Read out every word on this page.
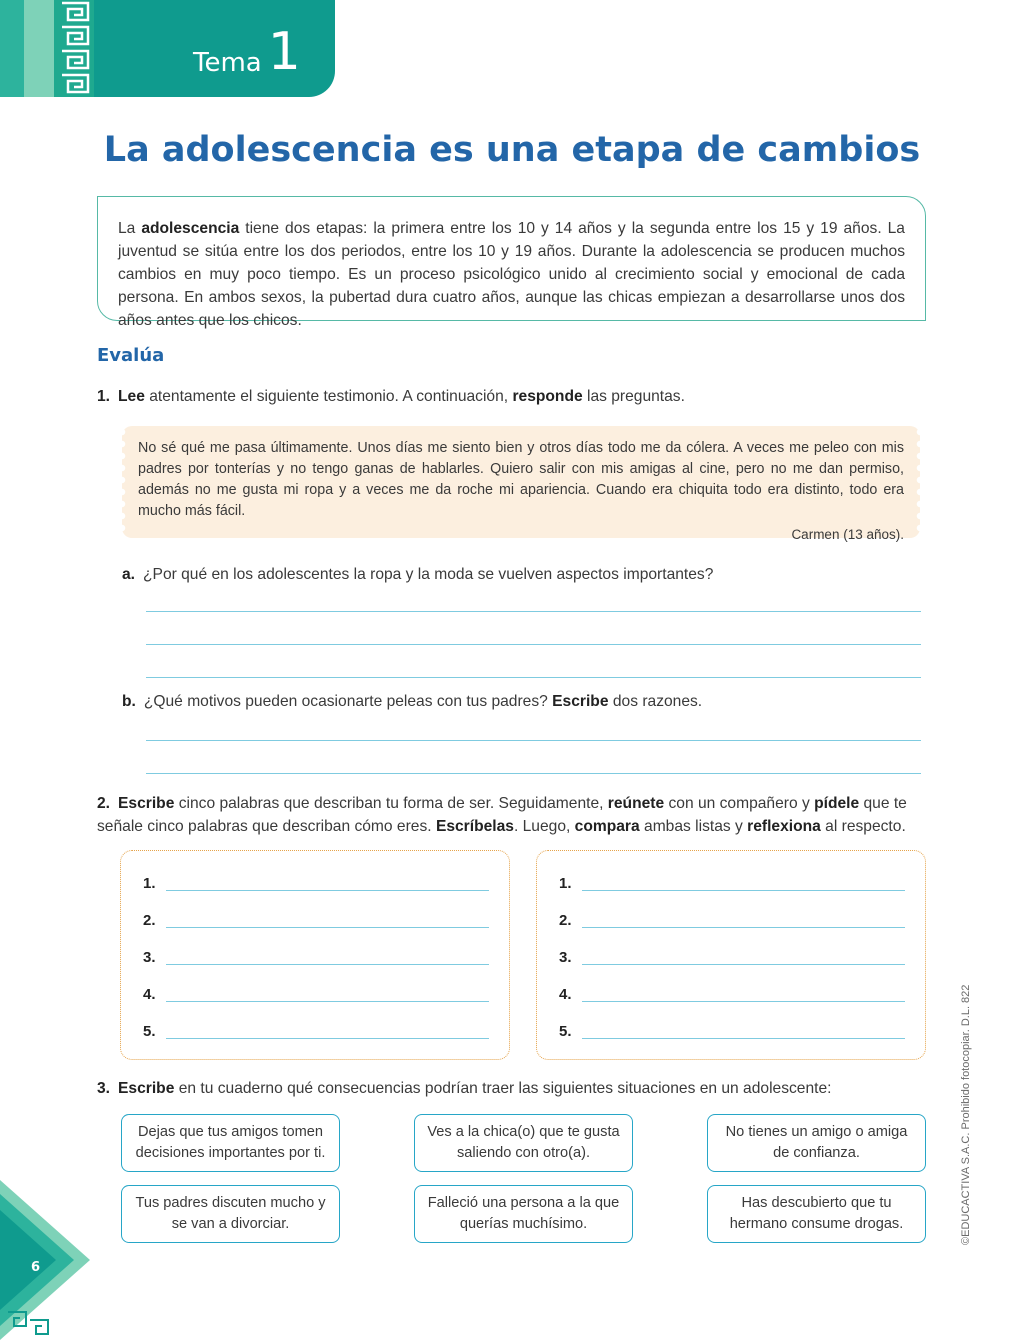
Tema 1
La adolescencia es una etapa de cambios
La adolescencia tiene dos etapas: la primera entre los 10 y 14 años y la segunda entre los 15 y 19 años. La juventud se sitúa entre los dos periodos, entre los 10 y 19 años. Durante la adolescencia se producen muchos cambios en muy poco tiempo. Es un proceso psicológico unido al crecimiento social y emocional de cada persona. En ambos sexos, la pubertad dura cuatro años, aunque las chicas empiezan a desarrollarse unos dos años antes que los chicos.
Evalúa
1. Lee atentamente el siguiente testimonio. A continuación, responde las preguntas.
No sé qué me pasa últimamente. Unos días me siento bien y otros días todo me da cólera. A veces me peleo con mis padres por tonterías y no tengo ganas de hablarles. Quiero salir con mis amigas al cine, pero no me dan permiso, además no me gusta mi ropa y a veces me da roche mi apariencia. Cuando era chiquita todo era distinto, todo era mucho más fácil.
Carmen (13 años).
a. ¿Por qué en los adolescentes la ropa y la moda se vuelven aspectos importantes?
b. ¿Qué motivos pueden ocasionarte peleas con tus padres? Escribe dos razones.
2. Escribe cinco palabras que describan tu forma de ser. Seguidamente, reúnete con un compañero y pídele que te señale cinco palabras que describan cómo eres. Escríbelas. Luego, compara ambas listas y reflexiona al respecto.
1.
2.
3.
4.
5.
1.
2.
3.
4.
5.
3. Escribe en tu cuaderno qué consecuencias podrían traer las siguientes situaciones en un adolescente:
Dejas que tus amigos tomen decisiones importantes por ti.
Ves a la chica(o) que te gusta saliendo con otro(a).
No tienes un amigo o amiga de confianza.
Tus padres discuten mucho y se van a divorciar.
Falleció una persona a la que querías muchísimo.
Has descubierto que tu hermano consume drogas.
6
©EDUCACTIVA S.A.C. Prohibido fotocopiar. D.L. 822
